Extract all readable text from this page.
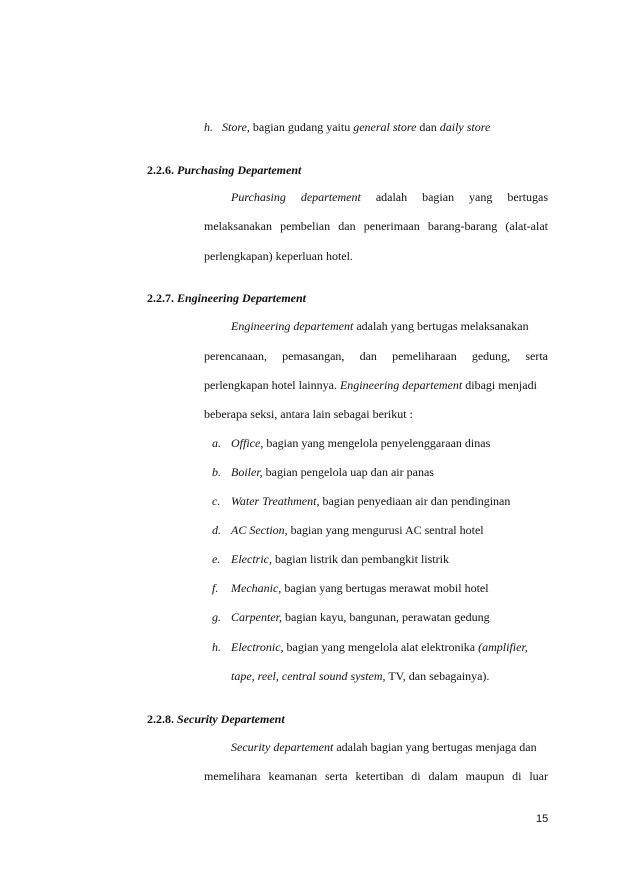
h. Store, bagian gudang yaitu general store dan daily store
2.2.6. Purchasing Departement
Purchasing departement adalah bagian yang bertugas
melaksanakan pembelian dan penerimaan barang-barang (alat-alat
perlengkapan) keperluan hotel.
2.2.7. Engineering Departement
Engineering departement adalah yang bertugas melaksanakan
perencanaan, pemasangan, dan pemeliharaan gedung, serta
perlengkapan hotel lainnya. Engineering departement dibagi menjadi
beberapa seksi, antara lain sebagai berikut :
a. Office, bagian yang mengelola penyelenggaraan dinas
b. Boiler, bagian pengelola uap dan air panas
c. Water Treathment, bagian penyediaan air dan pendinginan
d. AC Section, bagian yang mengurusi AC sentral hotel
e. Electric, bagian listrik dan pembangkit listrik
f. Mechanic, bagian yang bertugas merawat mobil hotel
g. Carpenter, bagian kayu, bangunan, perawatan gedung
h. Electronic, bagian yang mengelola alat elektronika (amplifier,
tape, reel, central sound system, TV, dan sebagainya).
2.2.8. Security Departement
Security departement adalah bagian yang bertugas menjaga dan
memelihara keamanan serta ketertiban di dalam maupun di luar
15
